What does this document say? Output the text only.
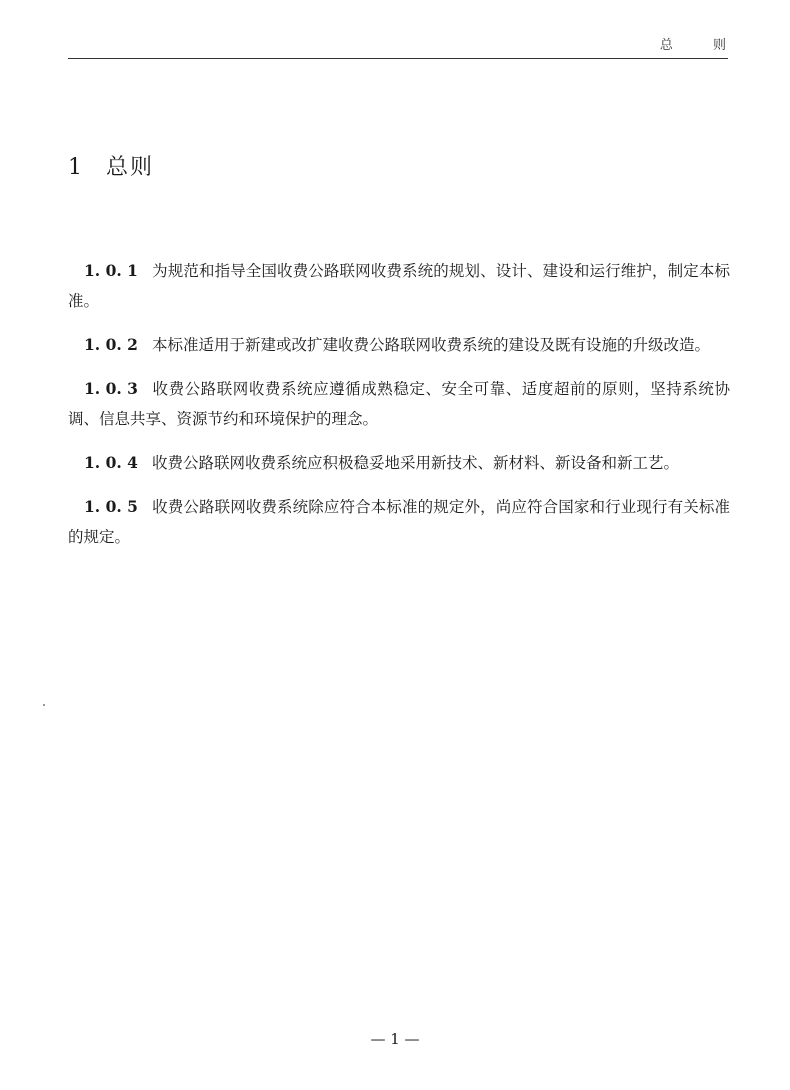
总 则
1 总则

1. 0. 1 为规范和指导全国收费公路联网收费系统的规划、设计、建设和运行维护，制定本标准。

1. 0. 2 本标准适用于新建或改扩建收费公路联网收费系统的建设及既有设施的升级改造。

1. 0. 3 收费公路联网收费系统应遵循成熟稳定、安全可靠、适度超前的原则，坚持系统协调、信息共享、资源节约和环境保护的理念。

1. 0. 4 收费公路联网收费系统应积极稳妥地采用新技术、新材料、新设备和新工艺。

1. 0. 5 收费公路联网收费系统除应符合本标准的规定外，尚应符合国家和行业现行有关标准的规定。

— 1 —
